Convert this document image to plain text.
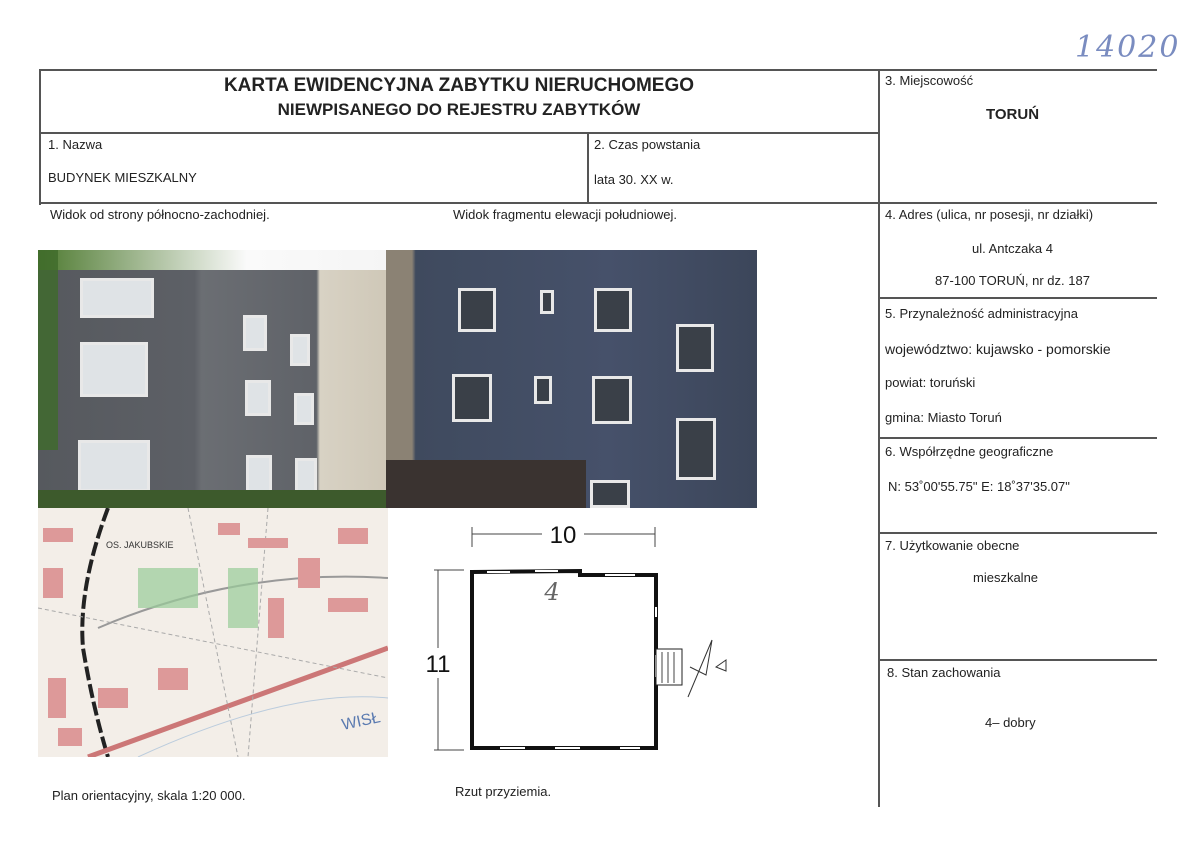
14020
KARTA EWIDENCYJNA ZABYTKU NIERUCHOMEGO
NIEWPISANEGO DO REJESTRU ZABYTKÓW
1. Nazwa
BUDYNEK MIESZKALNY
2. Czas powstania
lata 30. XX w.
3. Miejscowość
TORUŃ
4. Adres (ulica, nr posesji, nr działki)
ul. Antczaka 4
87-100 TORUŃ, nr dz. 187
5. Przynależność administracyjna
województwo: kujawsko - pomorskie
powiat: toruński
gmina: Miasto Toruń
6. Współrzędne geograficzne
N: 53˚00'55.75" E: 18˚37'35.07"
7. Użytkowanie obecne
mieszkalne
8. Stan zachowania
4– dobry
Widok od strony północno-zachodniej.	Widok fragmentu elewacji południowej.
OS. JAKUBSKIE
WISŁ
10
11
4
Plan orientacyjny, skala 1:20 000.	Rzut przyziemia.
